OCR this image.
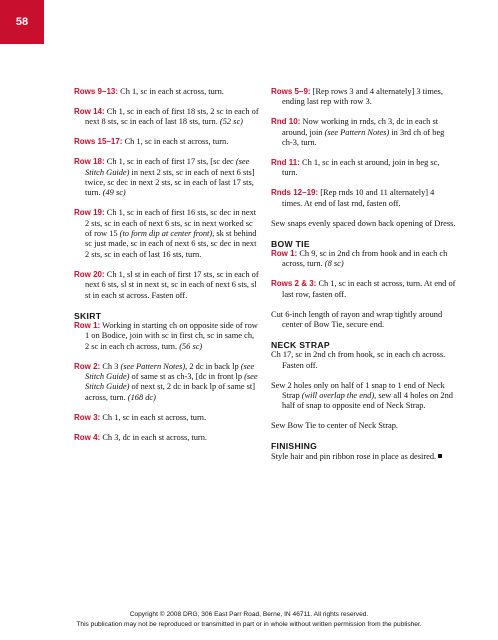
58
Rows 9–13: Ch 1, sc in each st across, turn.
Row 14: Ch 1, sc in each of first 18 sts, 2 sc in each of next 8 sts, sc in each of last 18 sts, turn. (52 sc)
Rows 15–17: Ch 1, sc in each st across, turn.
Row 18: Ch 1, sc in each of first 17 sts, [sc dec (see Stitch Guide) in next 2 sts, sc in each of next 6 sts] twice, sc dec in next 2 sts, sc in each of last 17 sts, turn. (49 sc)
Row 19: Ch 1, sc in each of first 16 sts, sc dec in next 2 sts, sc in each of next 6 sts, sc in next worked sc of row 15 (to form dip at center front), sk st behind sc just made, sc in each of next 6 sts, sc dec in next 2 sts, sc in each of last 16 sts, turn.
Row 20: Ch 1, sl st in each of first 17 sts, sc in each of next 6 sts, sl st in next st, sc in each of next 6 sts, sl st in each st across. Fasten off.
SKIRT
Row 1: Working in starting ch on opposite side of row 1 on Bodice, join with sc in first ch, sc in same ch, 2 sc in each ch across, turn. (56 sc)
Row 2: Ch 3 (see Pattern Notes), 2 dc in back lp (see Stitch Guide) of same st as ch-3, [dc in front lp (see Stitch Guide) of next st, 2 dc in back lp of same st] across, turn. (168 dc)
Row 3: Ch 1, sc in each st across, turn.
Row 4: Ch 3, dc in each st across, turn.
Rows 5–9: [Rep rows 3 and 4 alternately] 3 times, ending last rep with row 3.
Rnd 10: Now working in rnds, ch 3, dc in each st around, join (see Pattern Notes) in 3rd ch of beg ch-3, turn.
Rnd 11: Ch 1, sc in each st around, join in beg sc, turn.
Rnds 12–19: [Rep rnds 10 and 11 alternately] 4 times. At end of last rnd, fasten off.
Sew snaps evenly spaced down back opening of Dress.
BOW TIE
Row 1: Ch 9, sc in 2nd ch from hook and in each ch across, turn. (8 sc)
Rows 2 & 3: Ch 1, sc in each st across, turn. At end of last row, fasten off.
Cut 6-inch length of rayon and wrap tightly around center of Bow Tie, secure end.
NECK STRAP
Ch 17, sc in 2nd ch from hook, sc in each ch across. Fasten off.
Sew 2 holes only on half of 1 snap to 1 end of Neck Strap (will overlap the end), sew all 4 holes on 2nd half of snap to opposite end of Neck Strap.
Sew Bow Tie to center of Neck Strap.
FINISHING
Style hair and pin ribbon rose in place as desired.
Copyright © 2008 DRG, 306 East Parr Road, Berne, IN 46711. All rights reserved.
This publication may not be reproduced or transmitted in part or in whole without written permission from the publisher.
